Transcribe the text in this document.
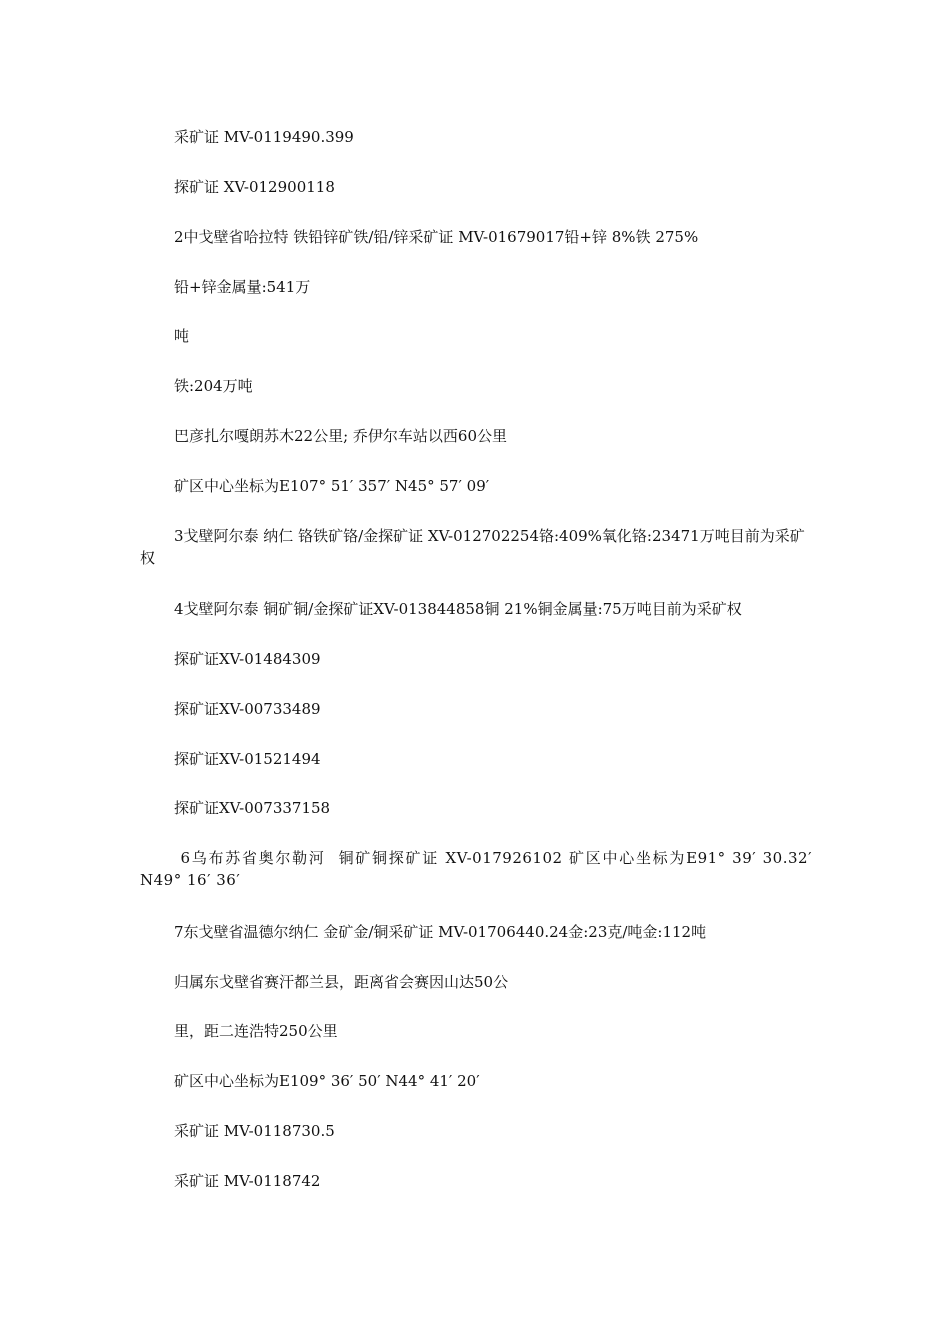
采矿证 MV-0119490.399

探矿证 XV-012900118

2中戈壁省哈拉特 铁铅锌矿铁/铅/锌采矿证 MV-01679017铅+锌 8%铁 275%

铅+锌金属量:541万

吨

铁:204万吨

巴彦扎尔嘎朗苏木22公里; 乔伊尔车站以西60公里

矿区中心坐标为E107° 51′ 357′ N45° 57′ 09′

3戈壁阿尔泰 纳仁 铬铁矿铬/金探矿证 XV-012702254铬:409%氧化铬:23471万吨目前为采矿权

4戈壁阿尔泰 铜矿铜/金探矿证XV-013844858铜 21%铜金属量:75万吨目前为采矿权

探矿证XV-01484309

探矿证XV-00733489

探矿证XV-01521494

探矿证XV-007337158

6乌布苏省奥尔勒河  铜矿铜探矿证 XV-017926102 矿区中心坐标为E91° 39′ 30.32′ N49° 16′ 36′

7东戈壁省温德尔纳仁 金矿金/铜采矿证 MV-01706440.24金:23克/吨金:112吨

归属东戈壁省赛汗都兰县，距离省会赛因山达50公

里，距二连浩特250公里

矿区中心坐标为E109° 36′ 50′ N44° 41′ 20′

采矿证 MV-0118730.5

采矿证 MV-0118742
